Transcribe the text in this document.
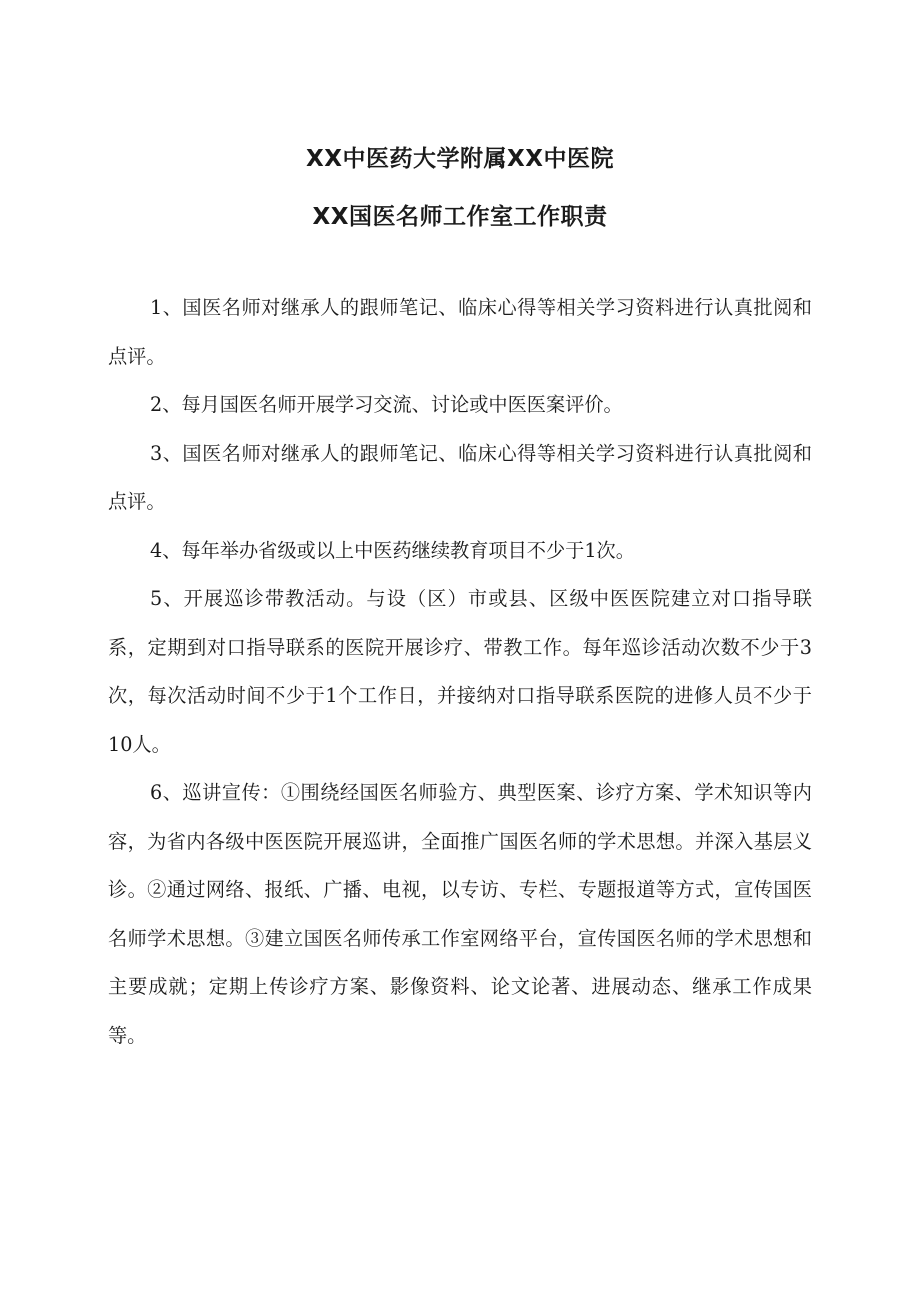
XX中医药大学附属XX中医院
XX国医名师工作室工作职责

1、国医名师对继承人的跟师笔记、临床心得等相关学习资料进行认真批阅和点评。

2、每月国医名师开展学习交流、讨论或中医医案评价。

3、国医名师对继承人的跟师笔记、临床心得等相关学习资料进行认真批阅和点评。

4、每年举办省级或以上中医药继续教育项目不少于1次。

5、开展巡诊带教活动。与设（区）市或县、区级中医医院建立对口指导联系，定期到对口指导联系的医院开展诊疗、带教工作。每年巡诊活动次数不少于3次，每次活动时间不少于1个工作日，并接纳对口指导联系医院的进修人员不少于10人。

6、巡讲宣传：①围绕经国医名师验方、典型医案、诊疗方案、学术知识等内容，为省内各级中医医院开展巡讲，全面推广国医名师的学术思想。并深入基层义诊。②通过网络、报纸、广播、电视，以专访、专栏、专题报道等方式，宣传国医名师学术思想。③建立国医名师传承工作室网络平台，宣传国医名师的学术思想和主要成就；定期上传诊疗方案、影像资料、论文论著、进展动态、继承工作成果等。
